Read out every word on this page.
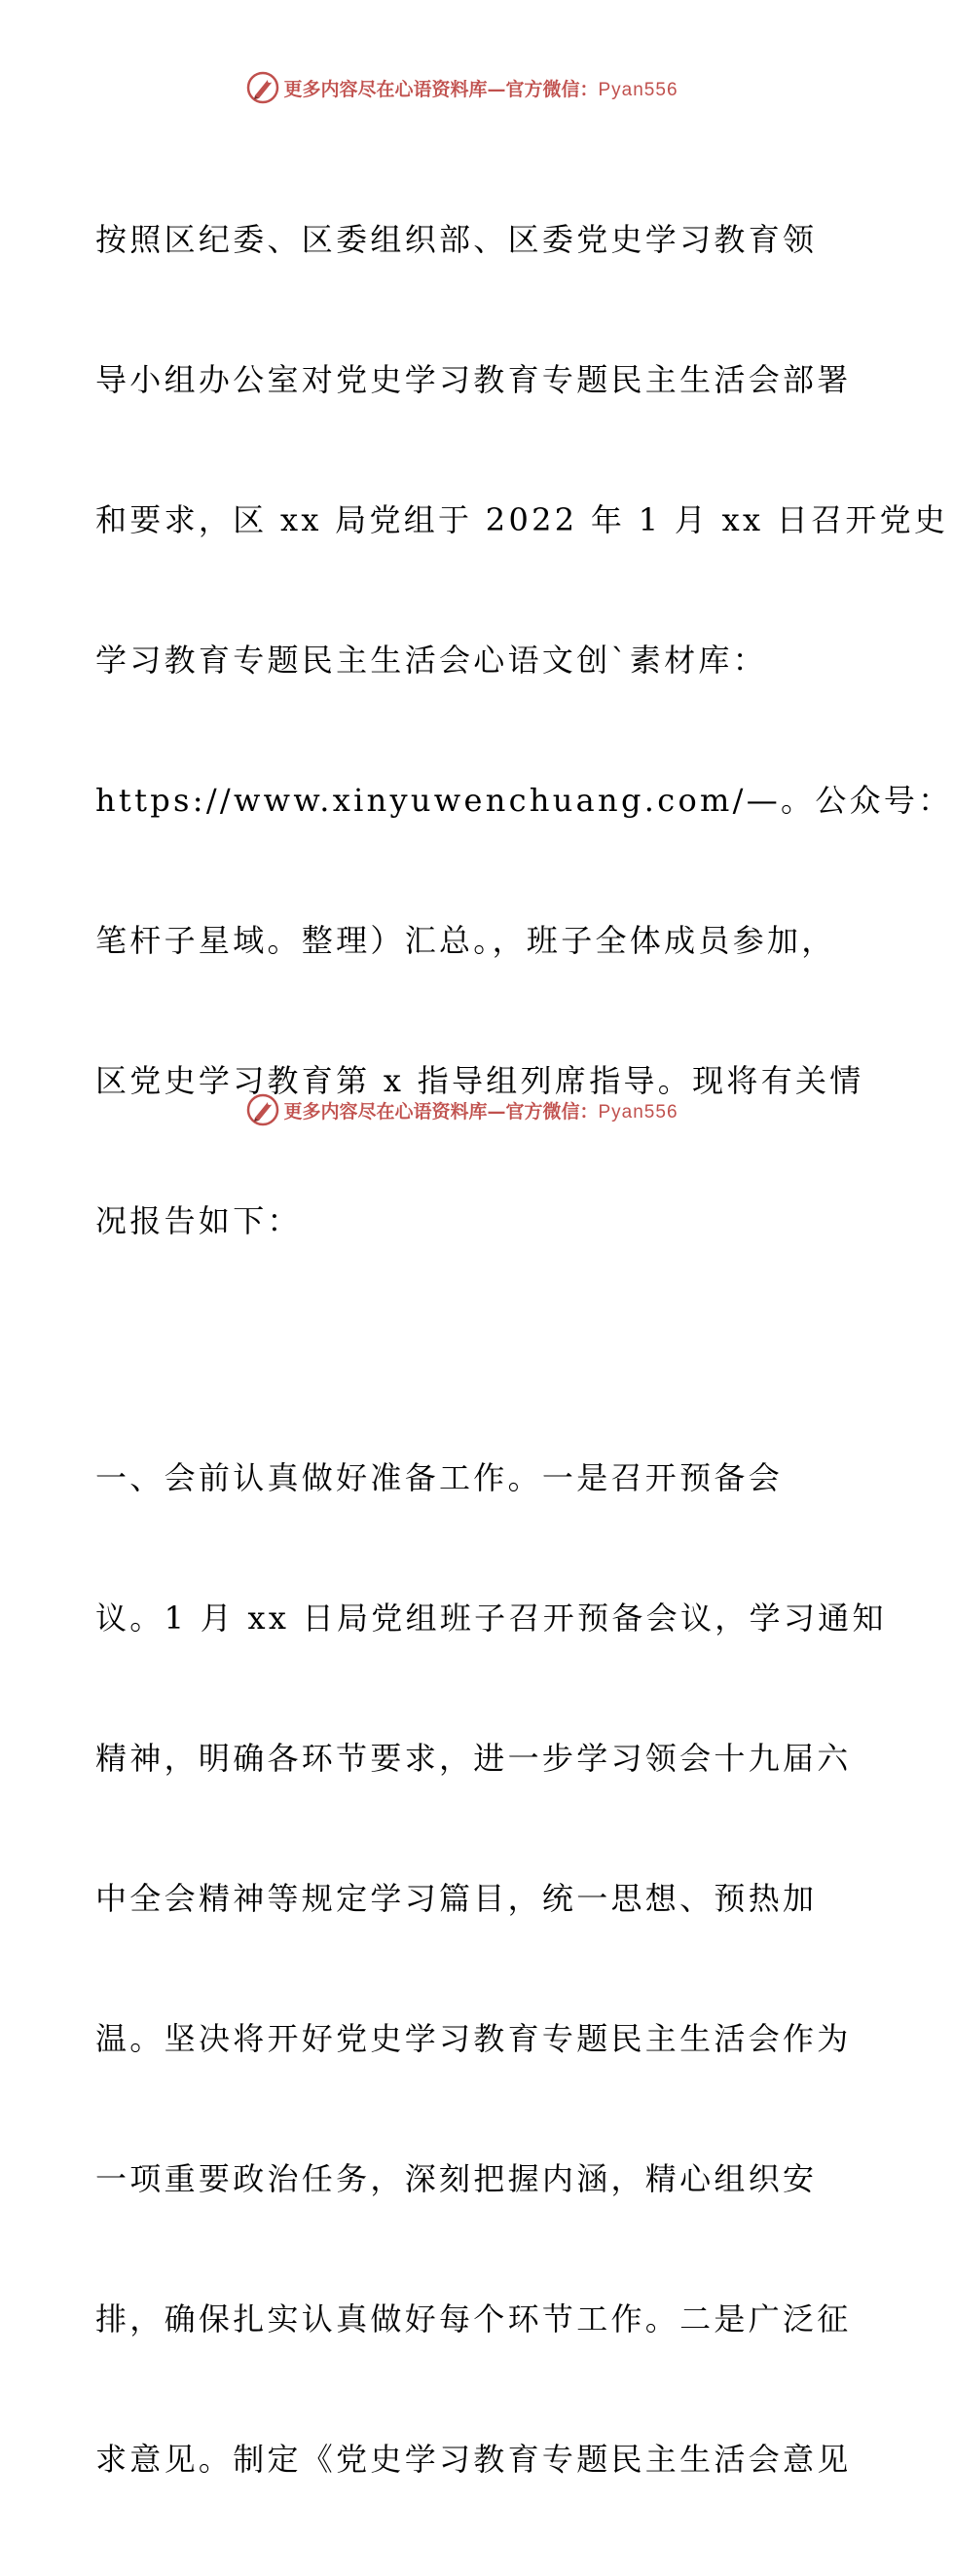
更多内容尽在心语资料库—官方微信：Pyan556

按照区纪委、区委组织部、区委党史学习教育领

导小组办公室对党史学习教育专题民主生活会部署

和要求，区 xx 局党组于 2022 年 1 月 xx 日召开党史

学习教育专题民主生活会心语文创`素材库：

https://www.xinyuwenchuang.com/—。公众号：

笔杆子星域。整理）汇总。，班子全体成员参加，

区党史学习教育第 x 指导组列席指导。现将有关情

况报告如下：

一、会前认真做好准备工作。一是召开预备会

议。1 月 xx 日局党组班子召开预备会议，学习通知

精神，明确各环节要求，进一步学习领会十九届六

中全会精神等规定学习篇目，统一思想、预热加

温。坚决将开好党史学习教育专题民主生活会作为

一项重要政治任务，深刻把握内涵，精心组织安

排，确保扎实认真做好每个环节工作。二是广泛征

求意见。制定《党史学习教育专题民主生活会意见

更多内容尽在心语资料库—官方微信：Pyan556
